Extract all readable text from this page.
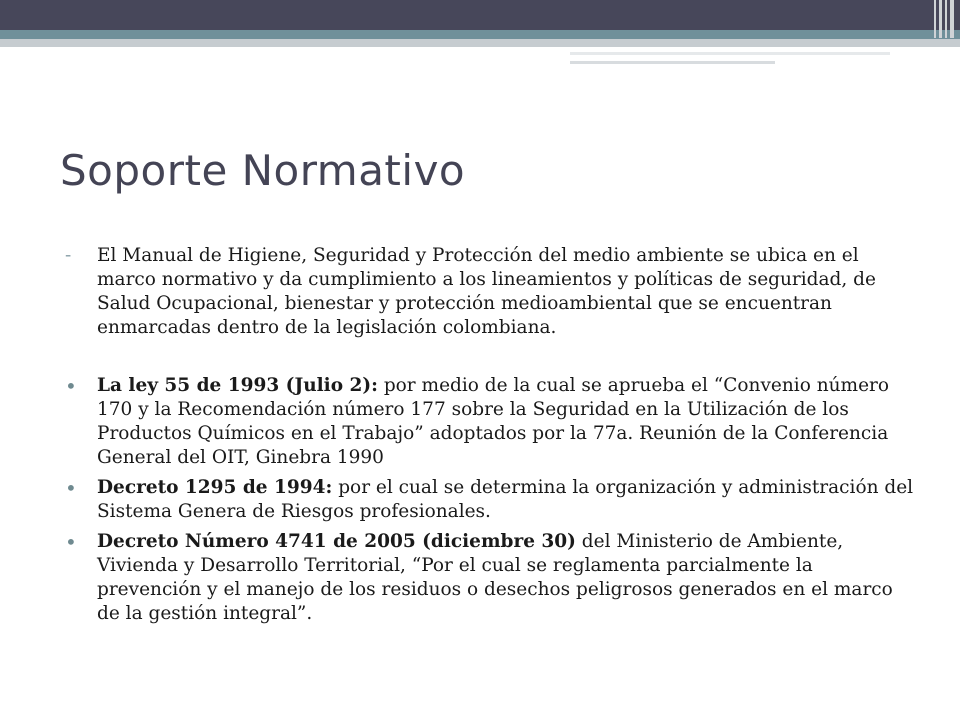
Soporte Normativo
- El Manual de Higiene, Seguridad y Protección del medio ambiente se ubica en el marco normativo y da cumplimiento a los lineamientos y políticas de seguridad, de Salud Ocupacional, bienestar y protección medioambiental que se encuentran enmarcadas dentro de la legislación colombiana.
• La ley 55 de 1993 (Julio 2): por medio de la cual se aprueba el “Convenio número 170 y la Recomendación número 177 sobre la Seguridad en la Utilización de los Productos Químicos en el Trabajo” adoptados por la 77a. Reunión de la Conferencia General del OIT, Ginebra 1990
• Decreto 1295 de 1994: por el cual se determina la organización y administración del Sistema Genera de Riesgos profesionales.
• Decreto Número 4741 de 2005 (diciembre 30) del Ministerio de Ambiente, Vivienda y Desarrollo Territorial, “Por el cual se reglamenta parcialmente la prevención y el manejo de los residuos o desechos peligrosos generados en el marco de la gestión integral”.
